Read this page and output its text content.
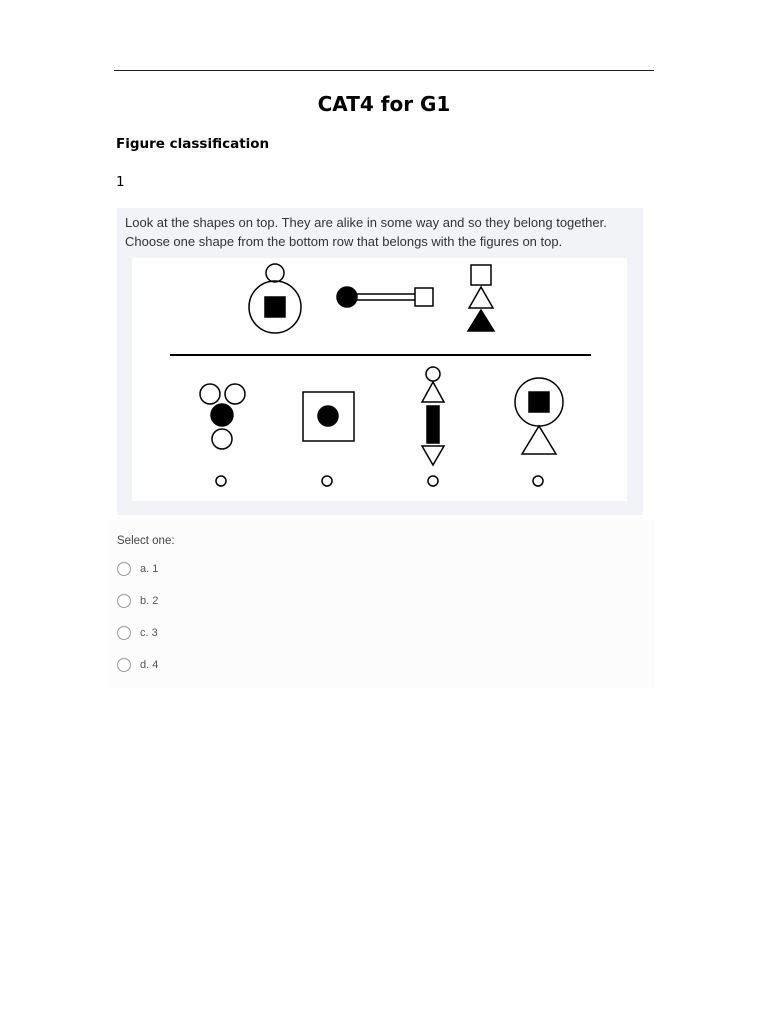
CAT4 for G1
Figure classification
1
Look at the shapes on top. They are alike in some way and so they belong together.
Choose one shape from the bottom row that belongs with the figures on top.
Select one:
a. 1
b. 2
c. 3
d. 4
